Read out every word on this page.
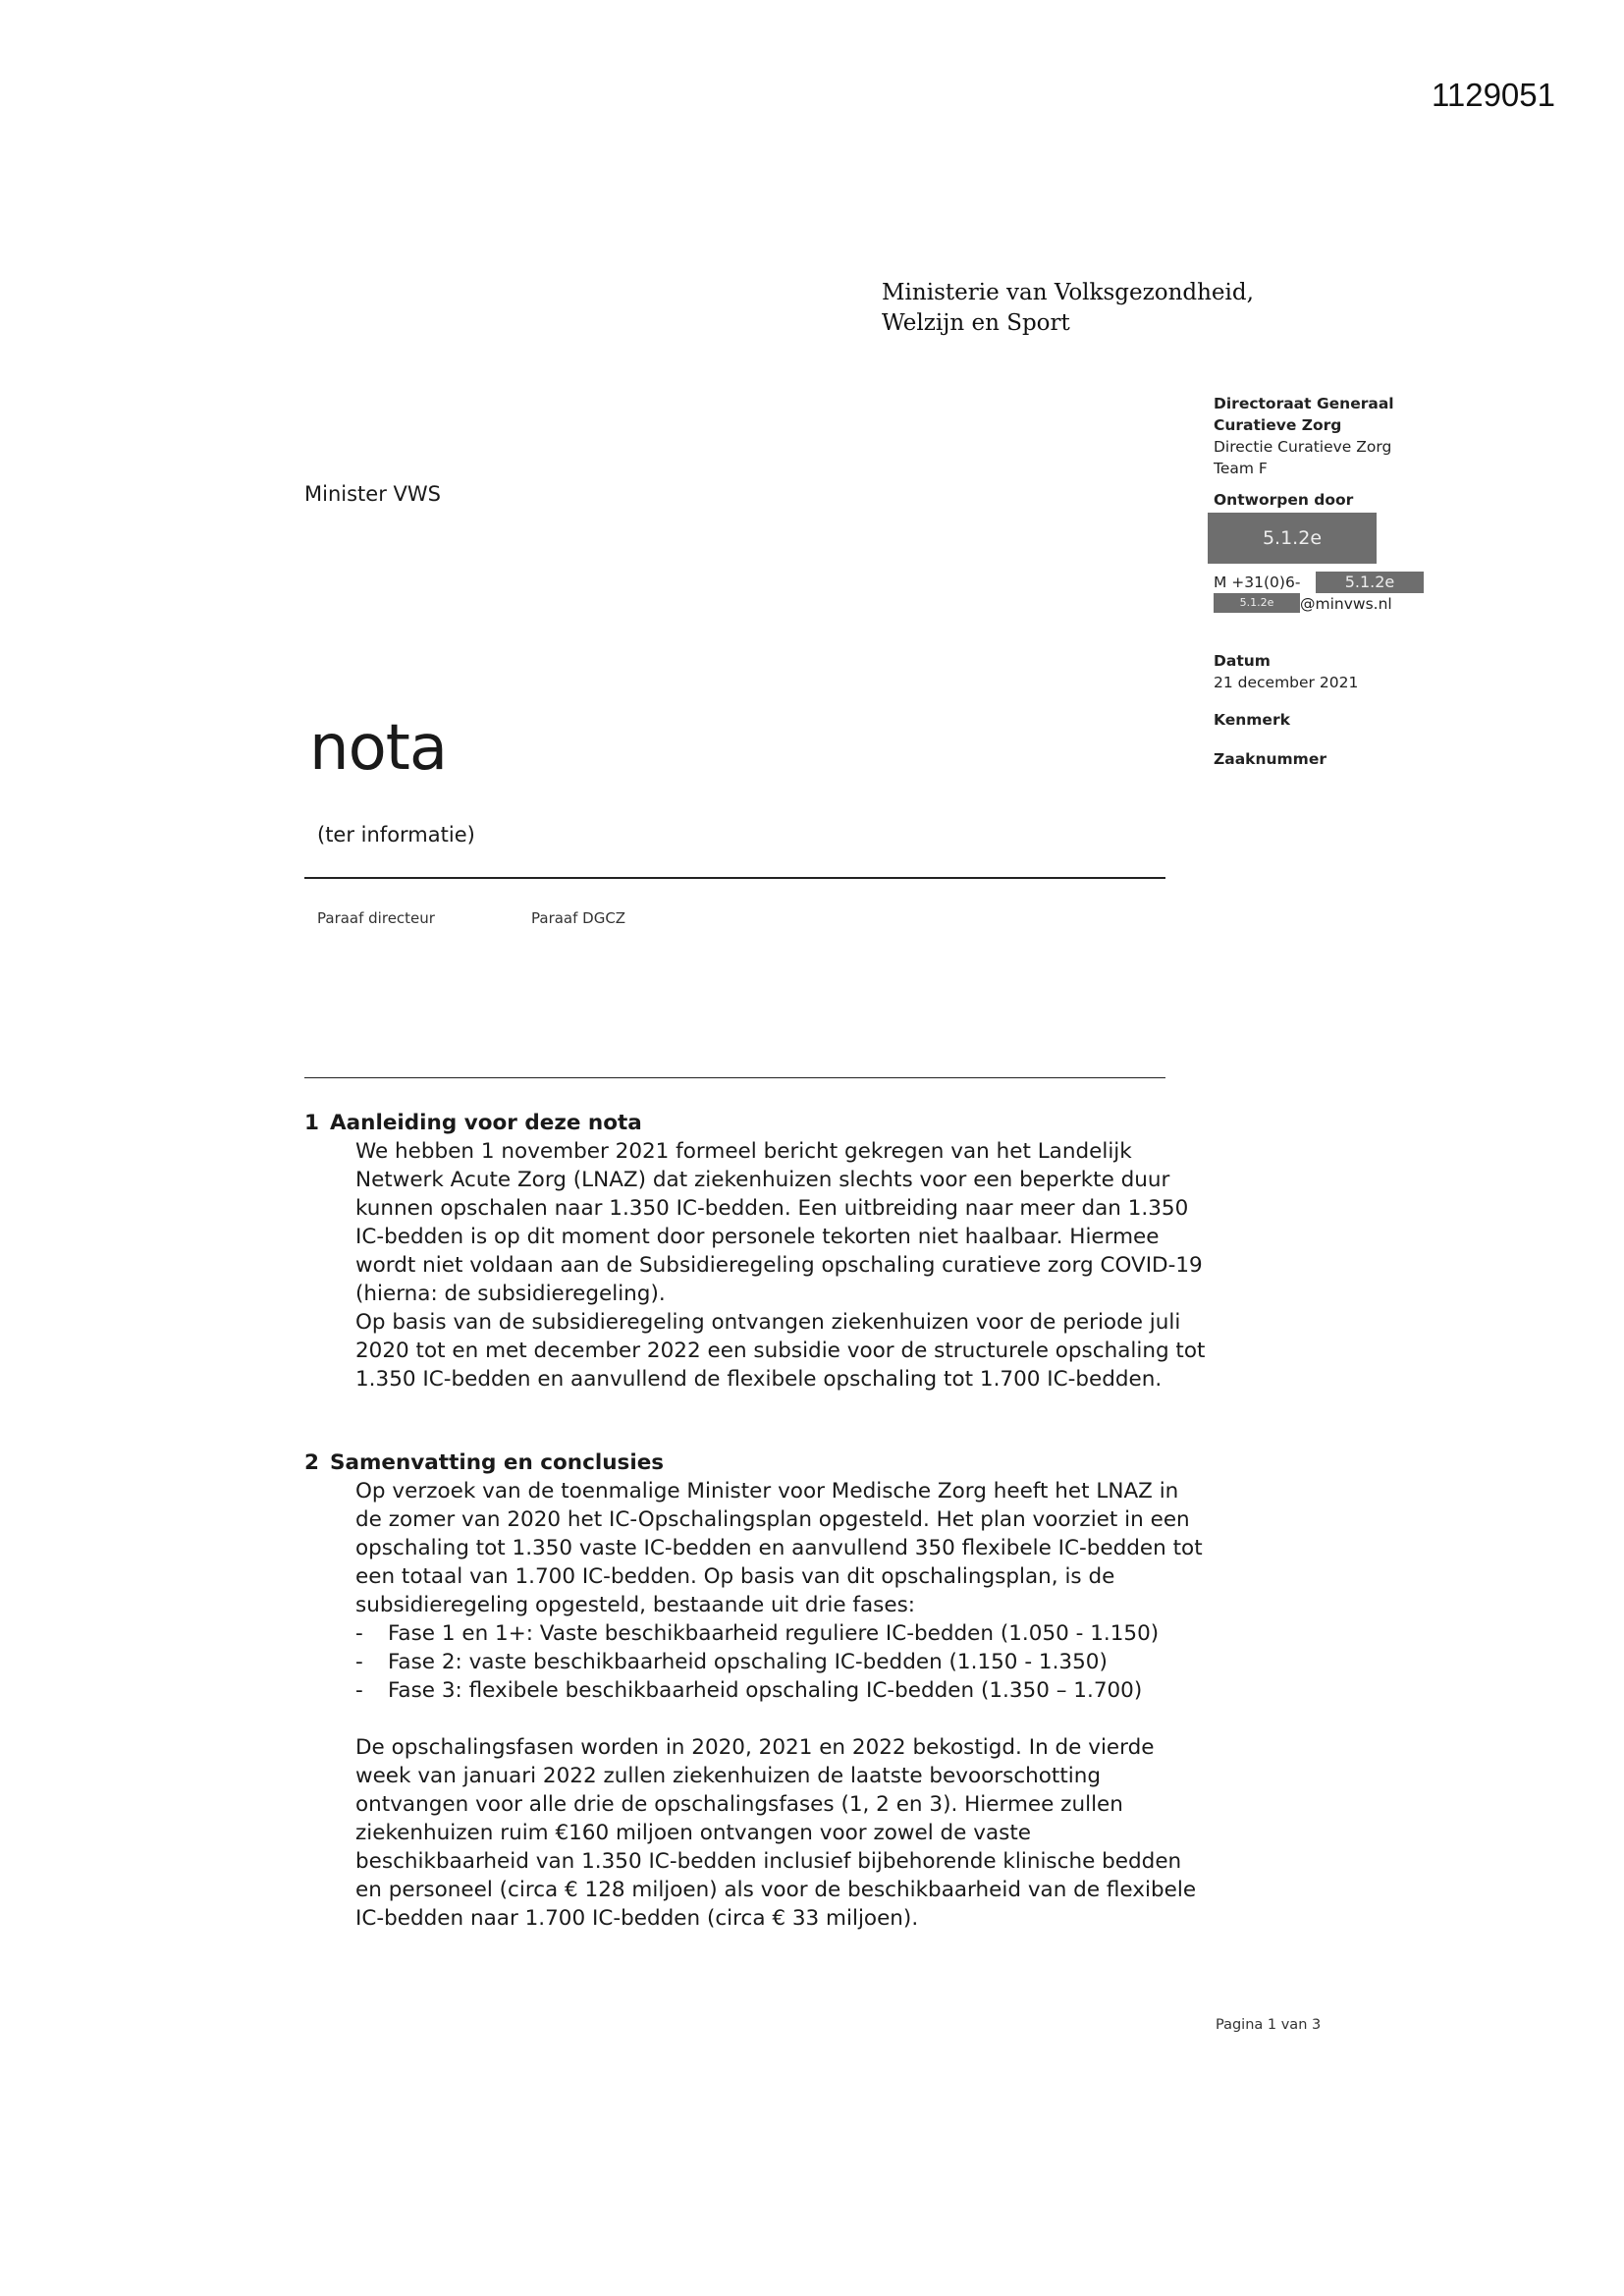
1129051
Ministerie van Volksgezondheid,
Welzijn en Sport
Directoraat Generaal
Curatieve Zorg
Directie Curatieve Zorg
Team F
Ontworpen door
5.1.2e
M +31(0)6-	5.1.2e
5.1.2e @minvws.nl
Datum
21 december 2021
Kenmerk
Zaaknummer
Minister VWS
nota
(ter informatie)
Paraaf directeur	Paraaf DGCZ
1 Aanleiding voor deze nota

We hebben 1 november 2021 formeel bericht gekregen van het Landelijk Netwerk Acute Zorg (LNAZ) dat ziekenhuizen slechts voor een beperkte duur kunnen opschalen naar 1.350 IC-bedden. Een uitbreiding naar meer dan 1.350 IC-bedden is op dit moment door personele tekorten niet haalbaar. Hiermee wordt niet voldaan aan de Subsidieregeling opschaling curatieve zorg COVID-19 (hierna: de subsidieregeling).

Op basis van de subsidieregeling ontvangen ziekenhuizen voor de periode juli 2020 tot en met december 2022 een subsidie voor de structurele opschaling tot 1.350 IC-bedden en aanvullend de flexibele opschaling tot 1.700 IC-bedden.

2 Samenvatting en conclusies

Op verzoek van de toenmalige Minister voor Medische Zorg heeft het LNAZ in de zomer van 2020 het IC-Opschalingsplan opgesteld. Het plan voorziet in een opschaling tot 1.350 vaste IC-bedden en aanvullend 350 flexibele IC-bedden tot een totaal van 1.700 IC-bedden. Op basis van dit opschalingsplan, is de subsidieregeling opgesteld, bestaande uit drie fases:

- Fase 1 en 1+: Vaste beschikbaarheid reguliere IC-bedden (1.050 - 1.150)
- Fase 2: vaste beschikbaarheid opschaling IC-bedden (1.150 - 1.350)
- Fase 3: flexibele beschikbaarheid opschaling IC-bedden (1.350 – 1.700)

De opschalingsfasen worden in 2020, 2021 en 2022 bekostigd. In de vierde week van januari 2022 zullen ziekenhuizen de laatste bevoorschotting ontvangen voor alle drie de opschalingsfases (1, 2 en 3). Hiermee zullen ziekenhuizen ruim €160 miljoen ontvangen voor zowel de vaste beschikbaarheid van 1.350 IC-bedden inclusief bijbehorende klinische bedden en personeel (circa € 128 miljoen) als voor de beschikbaarheid van de flexibele IC-bedden naar 1.700 IC-bedden (circa € 33 miljoen).

Pagina 1 van 3
